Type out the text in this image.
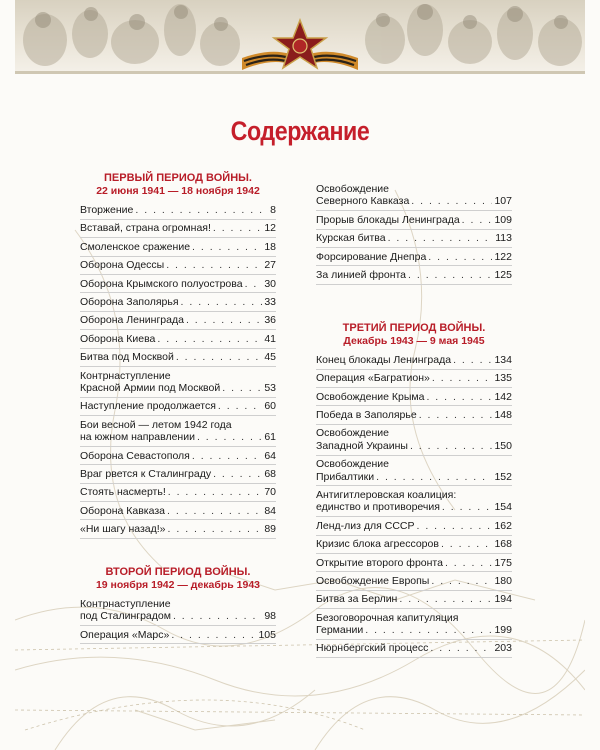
Содержание
ПЕРВЫЙ ПЕРИОД ВОЙНЫ.
22 июня 1941 — 18 ноября 1942
Вторжение . . .	8
Вставай, страна огромная! . . .	12
Смоленское сражение . . .	18
Оборона Одессы . . .	27
Оборона Крымского полуострова . . . 30
Оборона Заполярья . . .	33
Оборона Ленинграда . . .	36
Оборона Киева . . .	41
Битва под Москвой . . .	45
Контрнаступление
Красной Армии под Москвой . . .	53
Наступление продолжается . . .	60
Бои весной — летом 1942 года
на южном направлении . . .	61
Оборона Севастополя . . .	64
Враг рвется к Сталинграду . . .	68
Стоять насмерть! . . .	70
Оборона Кавказа . . .	84
«Ни шагу назад!» . . .	89
ВТОРОЙ ПЕРИОД ВОЙНЫ.
19 ноября 1942 — декабрь 1943
Контрнаступление
под Сталинградом . . .	98
Операция «Марс» . . .	105
Освобождение
Северного Кавказа . . .	107
Прорыв блокады Ленинграда . . .	109
Курская битва . . .	113
Форсирование Днепра . . .	122
За линией фронта . . .	125
ТРЕТИЙ ПЕРИОД ВОЙНЫ.
Декабрь 1943 — 9 мая 1945
Конец блокады Ленинграда . . .	134
Операция «Багратион» . . .	135
Освобождение Крыма . . .	142
Победа в Заполярье . . .	148
Освобождение
Западной Украины . . .	150
Освобождение
Прибалтики . . .	152
Антигитлеровская коалиция:
единство и противоречия . . .	154
Ленд-лиз для СССР . . .	162
Кризис блока агрессоров . . .	168
Открытие второго фронта . . .	175
Освобождение Европы . . .	180
Битва за Берлин . . .	194
Безоговорочная капитуляция
Германии . . .	199
Нюрнбергский процесс . . .	203
